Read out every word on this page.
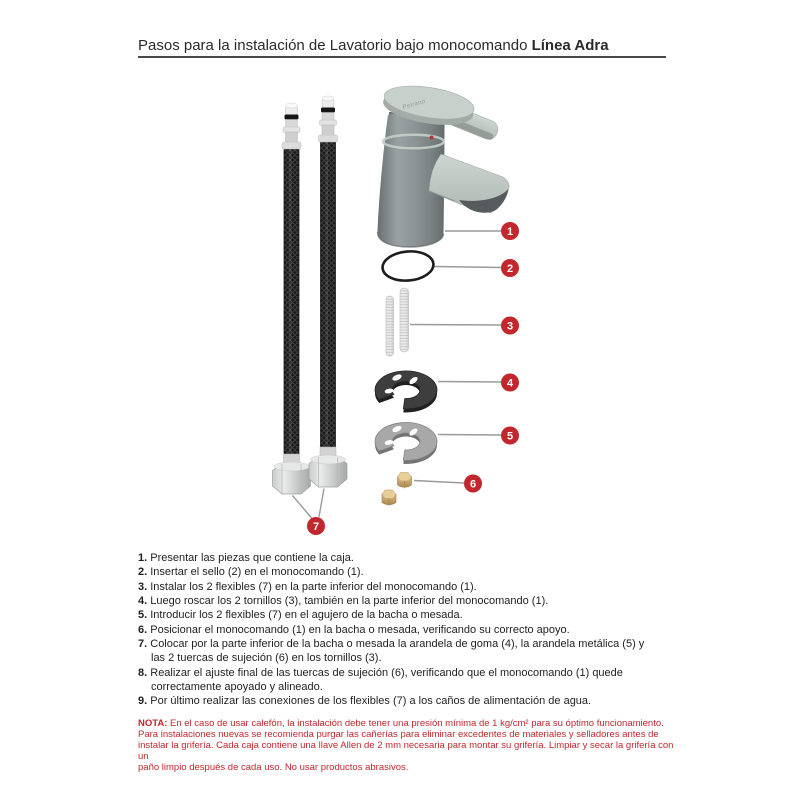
Pasos para la instalación de Lavatorio bajo monocomando Línea Adra
Peirano
1
2
3
4
5
6
7
1. Presentar las piezas que contiene la caja.
2. Insertar el sello (2) en el monocomando (1).
3. Instalar los 2 flexibles (7) en la parte inferior del monocomando (1).
4. Luego roscar los 2 tornillos (3), también en la parte inferior del monocomando (1).
5. Introducir los 2 flexibles (7) en el agujero de la bacha o mesada.
6. Posicionar el monocomando (1) en la bacha o mesada, verificando su correcto apoyo.
7. Colocar por la parte inferior de la bacha o mesada la arandela de goma (4), la arandela metálica (5) y
las 2 tuercas de sujeción (6) en los tornillos (3).
8. Realizar el ajuste final de las tuercas de sujeción (6), verificando que el monocomando (1) quede
correctamente apoyado y alineado.
9. Por último realizar las conexiones de los flexibles (7) a los caños de alimentación de agua.
NOTA: En el caso de usar calefón, la instalación debe tener una presión mínima de 1 kg/cm² para su óptimo funcionamiento.
Para instalaciones nuevas se recomienda purgar las cañerías para eliminar excedentes de materiales y selladores antes de
instalar la grifería. Cada caja contiene una llave Allen de 2 mm necesaria para montar su grifería. Limpiar y secar la grifería con un
paño limpio después de cada uso. No usar productos abrasivos.
